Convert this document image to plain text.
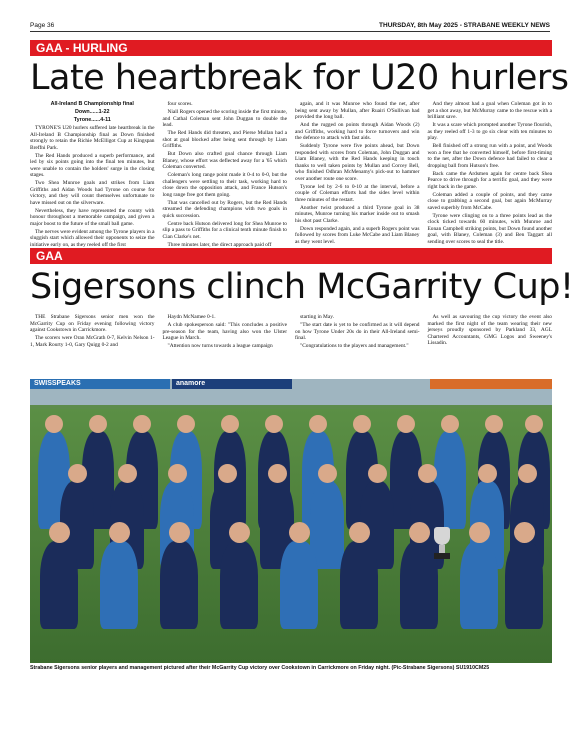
Page 36	THURSDAY, 8th May 2025 - STRABANE WEEKLY NEWS
GAA - HURLING
Late heartbreak for U20 hurlers

All-Ireland B Championship final

Down......1-22

Tyrone......4-11

TYRONE'S U20 hurlers suffered late heartbreak in the All-Ireland B Championship final as Down finished strongly to retain the Richie McElligot Cup at Kingspan Breffni Park.

The Red Hands produced a superb performance, and led by six points going into the final ten minutes, but were unable to contain the holders' surge in the closing stages.

Two Shea Munroe goals and strikes from Liam Griffiths and Aidan Woods had Tyrone on course for victory, and they will count themselves unfortunate to have missed out on the silverware.

Nevertheless, they have represented the county with honour throughout a memorable campaign, and given a major boost to the future of the small ball game.

The nerves were evident among the Tyrone players in a sluggish start which allowed their opponents to seize the initiative early on, as they reeled off the first

four scores.

Niall Rogers opened the scoring inside the first minute, and Cathal Coleman sent John Duggan to double the lead.

The Red Hands did threaten, and Pierse Mullan had a shot at goal blocked after being sent through by Liam Griffiths.

But Down also crafted goal chance through Liam Blaney, whose effort was deflected away for a '65 which Coleman converted.

Coleman's long range point made it 0-4 to 0-0, but the challengers were settling to their task, working hard to close down the opposition attack, and France Hutson's long range free got them going.

That was cancelled out by Rogers, but the Red Hands streamed the defending champions with two goals in quick succession.

Centre back Hutson delivered long for Shea Munroe to slip a pass to Griffiths for a clinical tenth minute finish to Cian Clarke's net.

Three minutes later, the direct approach paid off

again, and it was Munroe who found the net, after being sent away by Mullan, after Ruairi O'Sullivan had provided the long ball.

And the rugged on points through Aidan Woods (2) and Griffiths, working hard to force turnovers and win the defence to attack with fast aids.

Suddenly Tyrone were five points ahead, but Down responded with scores from Coleman, John Duggan and Liam Blaney, with the Red Hands keeping in touch thanks to well taken points by Mullan and Corcey Bell, who finished Odhran McMenamy's pick-out to hammer over another route one score.

Tyrone led by 2-6 to 0-10 at the interval, before a couple of Coleman efforts had the sides level within three minutes of the restart.

Another twist produced a third Tyrone goal in 38 minutes, Munroe turning his marker inside out to smash his shot past Clarke.

Down responded again, and a superb Rogers point was followed by scores from Luke McCabe and Liam Blaney as they went level.

And they almost had a goal when Coleman got in to get a shot away, but McMurray came to the rescue with a brilliant save.

It was a scare which prompted another Tyrone flourish, as they reeled off 1-3 to go six clear with ten minutes to play.

Bell finished off a strong run with a point, and Woods won a free that he converted himself, before first-timing to the net, after the Down defence had failed to clear a dropping ball from Hutson's free.

Back came the Ardsmen again for centre back Shea Pearce to drive through for a terrific goal, and they were right back in the game.

Coleman added a couple of points, and they came close to grabbing a second goal, but again McMurray saved superbly from McCabe.

Tyrone were clinging on to a three points lead as the clock ticked towards 60 minutes, with Munroe and Eonan Campbell striking points, but Down found another goal, with Blaney, Coleman (3) and Ben Taggart all sending over scores to seal the title.

GAA
Sigersons clinch McGarrity Cup!

THE Strabane Sigersons senior men won the McGarrity Cup on Friday evening following victory against Cookstown in Carrickmore.

The scorers were Oran McGrath 0-7, Kelvin Nelson 1-1, Mark Rourty 1-0, Gary Quigg 0-2 and

Haydn McNamee 0-1.

A club spokesperson said: "This concludes a positive pre-season for the team, having also won the Ulster League in March.

"Attention now turns towards a league campaign

starting in May.

"The start date is yet to be confirmed as it will depend on how Tyrone Under 20s do in their All-Ireland semi-final.

"Congratulations to the players and management."

As well as savouring the cup victory the event also marked the first night of the team wearing their new jerseys proudly sponsored by Parkland 33, AGL Chartered Accountants, GMG Logos and Sweeney's Lissadin.

SWISSPEAKS	anamore
Strabane Sigersons senior players and management pictured after their McGarrity Cup victory over Cookstown in Carrickmore on Friday night. (Pic-Strabane Sigersons) SU1910CM25
